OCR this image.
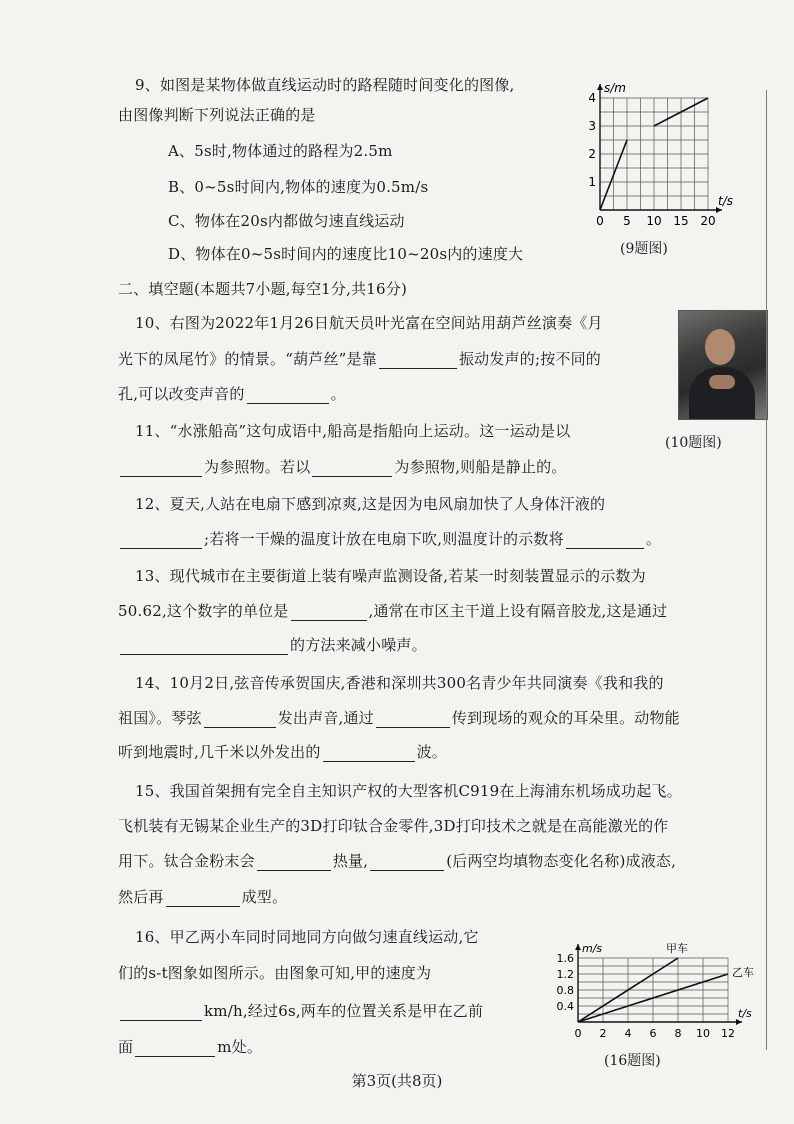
9、如图是某物体做直线运动时的路程随时间变化的图像,
由图像判断下列说法正确的是
A、5s时,物体通过的路程为2.5m
B、0~5s时间内,物体的速度为0.5m/s
C、物体在20s内都做匀速直线运动
D、物体在0~5s时间内的速度比10~20s内的速度大
0 5 10 15 20
1
2
3
4
t/s
s/m
(9题图)
二、填空题(本题共7小题,每空1分,共16分)
10、右图为2022年1月26日航天员叶光富在空间站用葫芦丝演奏《月
光下的凤尾竹》的情景。“葫芦丝”是靠	振动发声的;按不同的
孔,可以改变声音的	。
(10题图)
11、“水涨船高”这句成语中,船高是指船向上运动。这一运动是以
为参照物。若以	为参照物,则船是静止的。
12、夏天,人站在电扇下感到凉爽,这是因为电风扇加快了人身体汗液的
;若将一干燥的温度计放在电扇下吹,则温度计的示数将	。
13、现代城市在主要街道上装有噪声监测设备,若某一时刻装置显示的示数为
50.62,这个数字的单位是	,通常在市区主干道上设有隔音胶龙,这是通过
的方法来减小噪声。
14、10月2日,弦音传承贺国庆,香港和深圳共300名青少年共同演奏《我和我的
祖国》。琴弦	发出声音,通过	传到现场的观众的耳朵里。动物能
听到地震时,几千米以外发出的	波。
15、我国首架拥有完全自主知识产权的大型客机C919在上海浦东机场成功起飞。
飞机装有无锡某企业生产的3D打印钛合金零件,3D打印技术之就是在高能激光的作
用下。钛合金粉末会	热量,	(后两空均填物态变化名称)成液态,
然后再	成型。
16、甲乙两小车同时同地同方向做匀速直线运动,它
们的s-t图象如图所示。由图象可知,甲的速度为
km/h,经过6s,两车的位置关系是甲在乙前
面	m处。
0 2 4 6 8 10 12
0.4
0.8
1.2
1.6
t/s
m/s	甲车
乙车
(16题图)
第3页(共8页)
